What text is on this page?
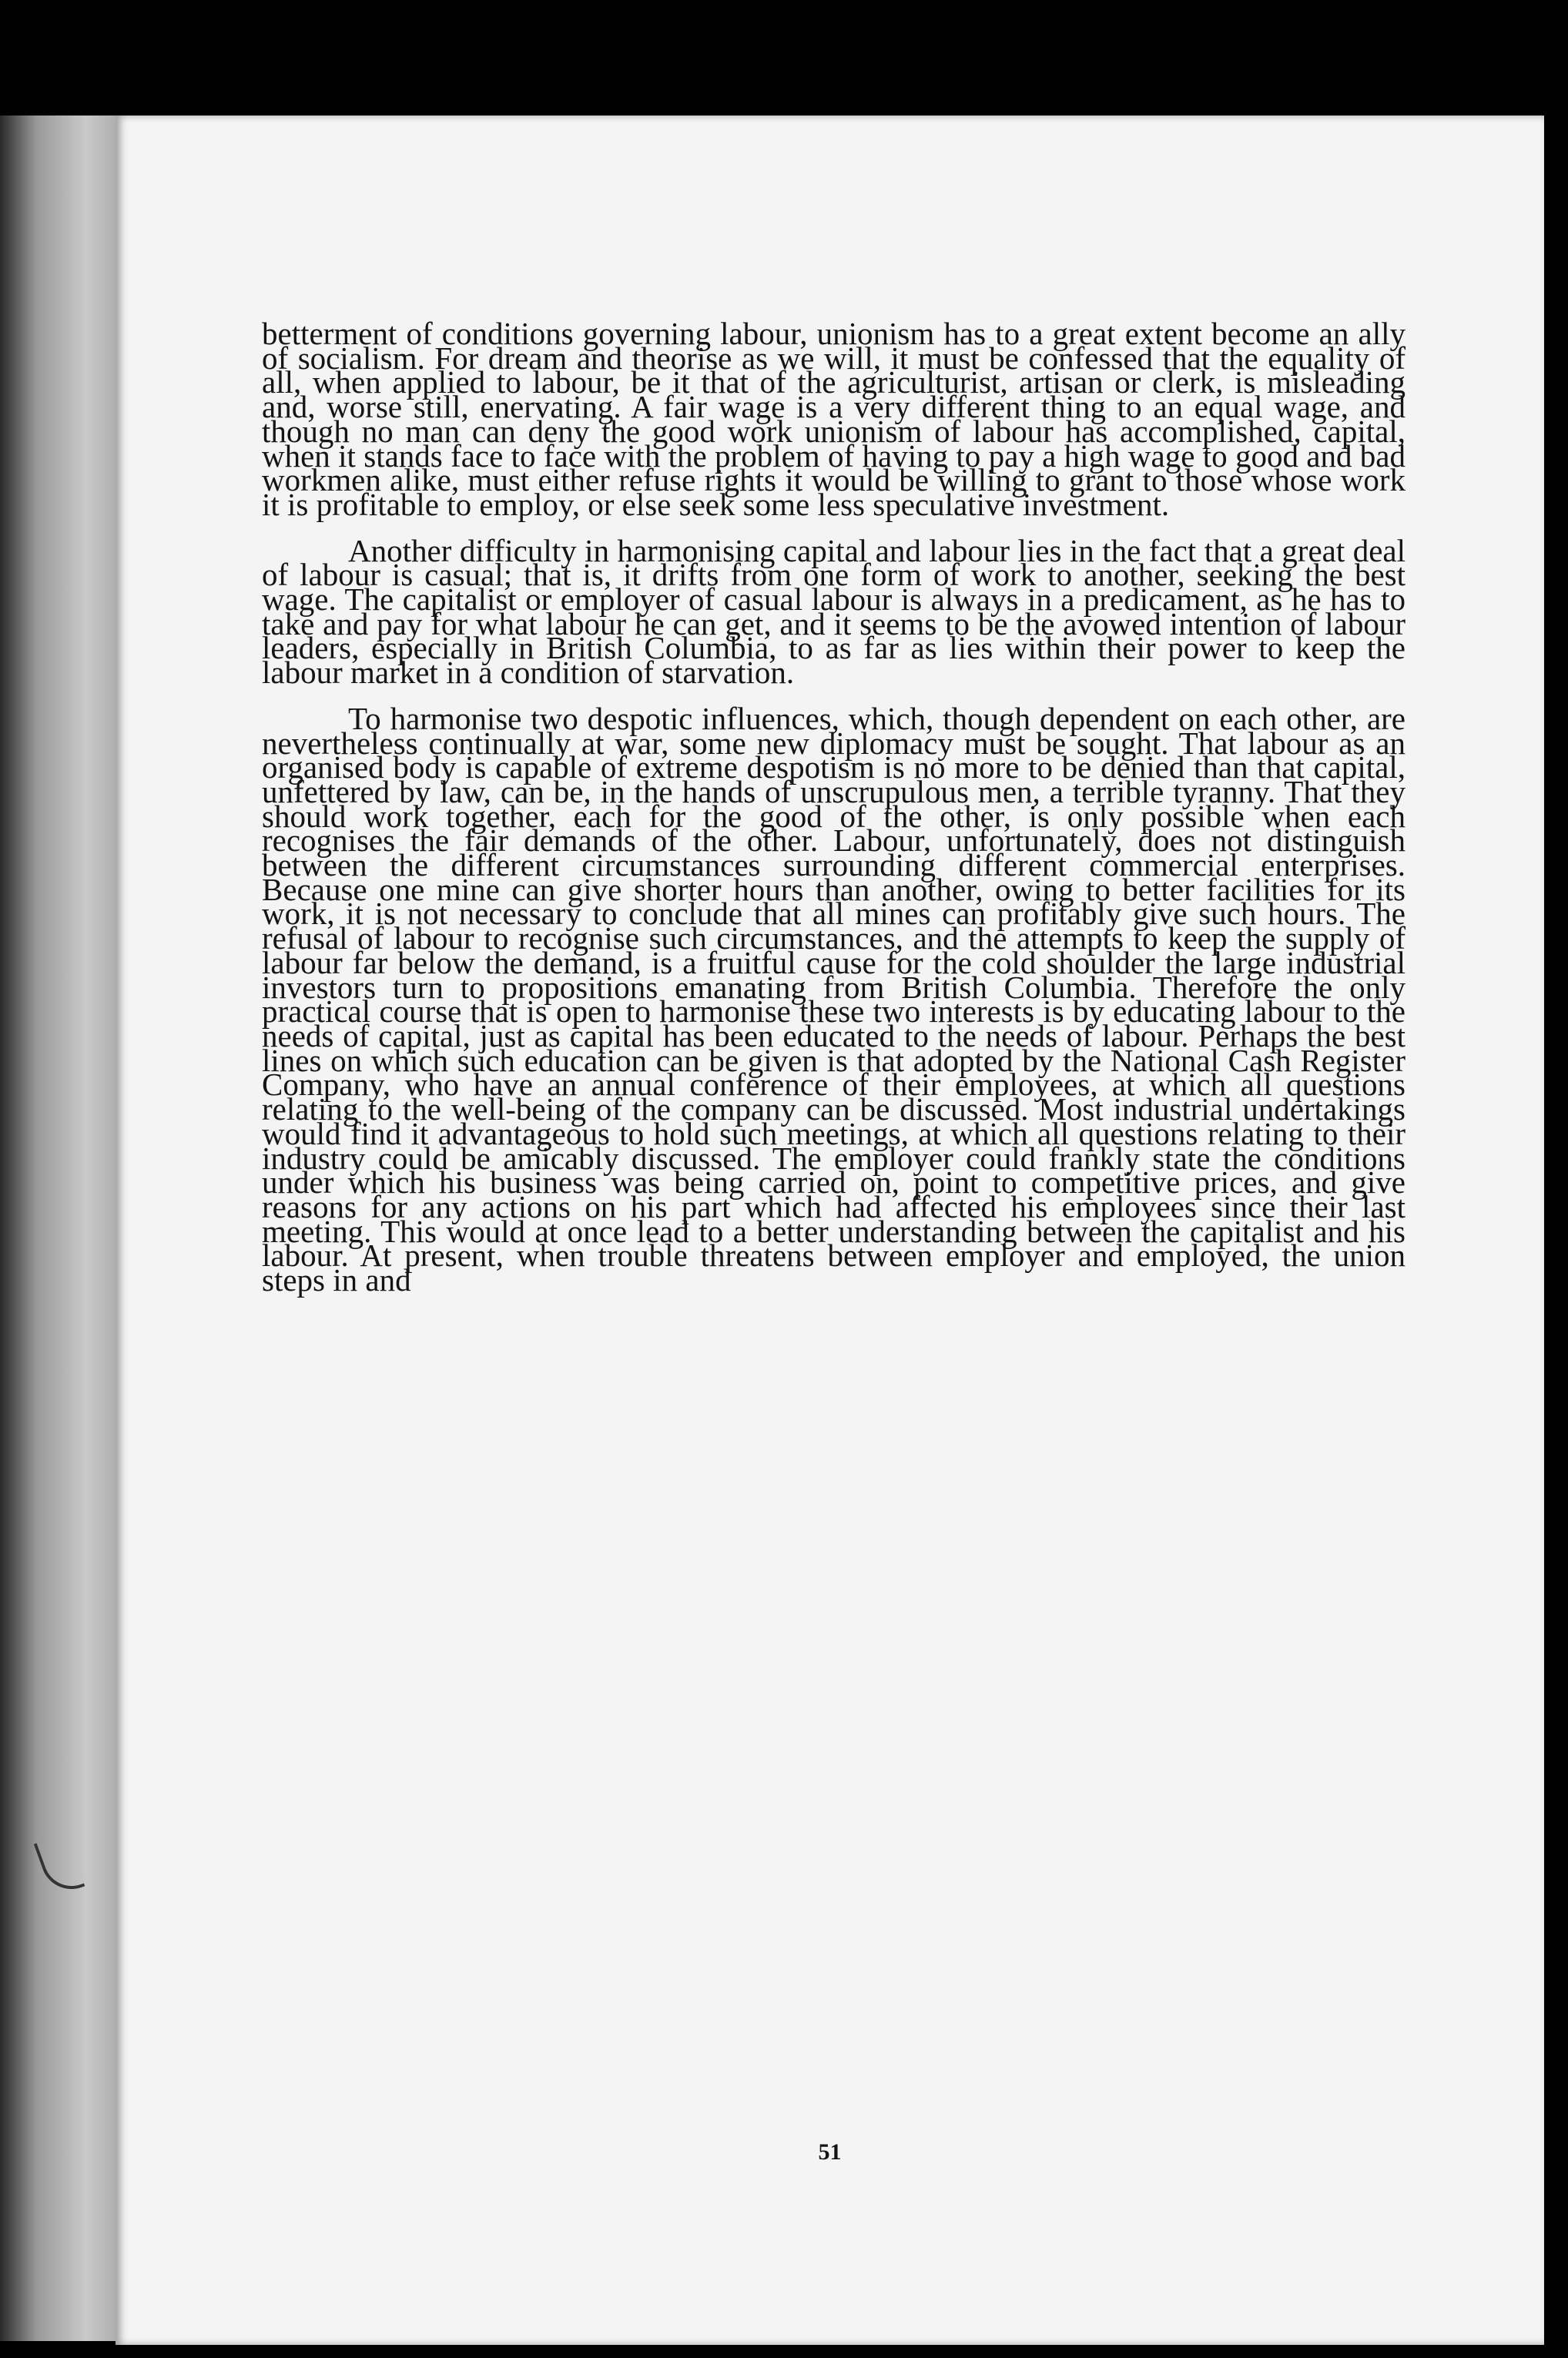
betterment of conditions governing labour, unionism has to a great extent become an ally of socialism. For dream and theorise as we will, it must be confessed that the equality of all, when applied to labour, be it that of the agriculturist, artisan or clerk, is misleading and, worse still, enervating. A fair wage is a very different thing to an equal wage, and though no man can deny the good work unionism of labour has accomplished, capital, when it stands face to face with the problem of having to pay a high wage to good and bad workmen alike, must either refuse rights it would be willing to grant to those whose work it is profitable to employ, or else seek some less speculative investment.

Another difficulty in harmonising capital and labour lies in the fact that a great deal of labour is casual; that is, it drifts from one form of work to another, seeking the best wage. The capitalist or employer of casual labour is always in a predicament, as he has to take and pay for what labour he can get, and it seems to be the avowed intention of labour leaders, especially in British Columbia, to as far as lies within their power to keep the labour market in a condition of starvation.

To harmonise two despotic influences, which, though dependent on each other, are nevertheless continually at war, some new diplomacy must be sought. That labour as an organised body is capable of extreme despotism is no more to be denied than that capital, unfettered by law, can be, in the hands of unscrupulous men, a terrible tyranny. That they should work together, each for the good of the other, is only possible when each recognises the fair demands of the other. Labour, unfortunately, does not distinguish between the different circumstances surrounding different commercial enterprises. Because one mine can give shorter hours than another, owing to better facilities for its work, it is not necessary to conclude that all mines can profitably give such hours. The refusal of labour to recognise such circumstances, and the attempts to keep the supply of labour far below the demand, is a fruitful cause for the cold shoulder the large industrial investors turn to propositions emanating from British Columbia. Therefore the only practical course that is open to harmonise these two interests is by educating labour to the needs of capital, just as capital has been educated to the needs of labour. Perhaps the best lines on which such education can be given is that adopted by the National Cash Register Company, who have an annual conference of their employees, at which all questions relating to the well-being of the company can be discussed. Most industrial undertakings would find it advantageous to hold such meetings, at which all questions relating to their industry could be amicably discussed. The employer could frankly state the conditions under which his business was being carried on, point to competitive prices, and give reasons for any actions on his part which had affected his employees since their last meeting. This would at once lead to a better understanding between the capitalist and his labour. At present, when trouble threatens between employer and employed, the union steps in and

51
